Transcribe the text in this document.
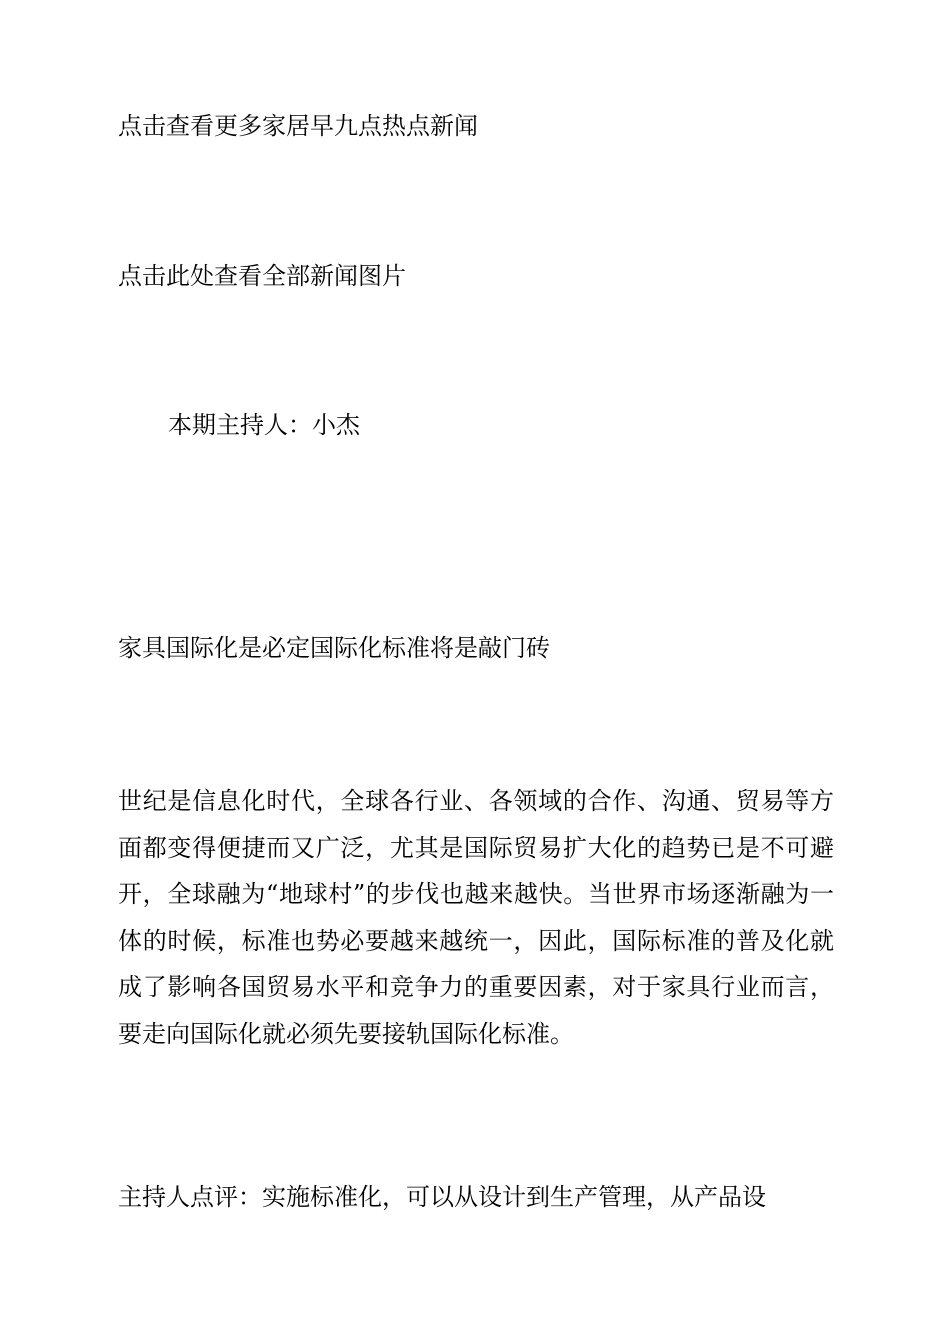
点击查看更多家居早九点热点新闻

点击此处查看全部新闻图片

本期主持人：小杰

家具国际化是必定国际化标准将是敲门砖

世纪是信息化时代，全球各行业、各领域的合作、沟通、贸易等方面都变得便捷而又广泛，尤其是国际贸易扩大化的趋势已是不可避开，全球融为“地球村”的步伐也越来越快。当世界市场逐渐融为一体的时候，标准也势必要越来越统一，因此，国际标准的普及化就成了影响各国贸易水平和竞争力的重要因素，对于家具行业而言，要走向国际化就必须先要接轨国际化标准。

主持人点评：实施标准化，可以从设计到生产管理，从产品设
